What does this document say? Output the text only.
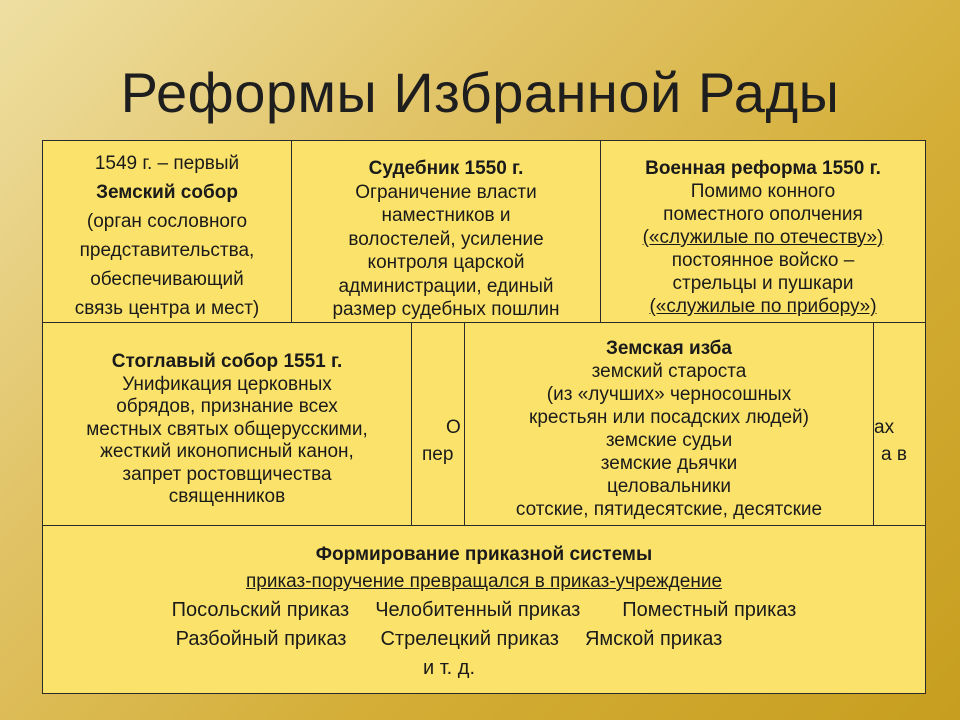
Реформы Избранной Рады

1549 г. – первый

Земский собор

(орган сословного

представительства,

обеспечивающий

связь центра и мест)

Судебник 1550 г.

Ограничение власти

наместников и

волостелей, усиление

контроля царской

администрации, единый

размер судебных пошлин

Военная реформа 1550 г.

Помимо конного

поместного ополчения

(«служилые по отечеству»)

постоянное войско –

стрельцы и пушкари

(«служилые по прибору»)

Стоглавый собор 1551 г.

Унификация церковных

обрядов, признание всех

местных святых общерусскими,

жесткий иконописный канон,

запрет ростовщичества

священников

О
пер
ах
а в

Земская изба

земский староста

(из «лучших» черносошных

крестьян или посадских людей)

земские судьи

земские дьячки

целовальники

сотские, пятидесятские, десятские

Формирование приказной системы

приказ-поручение превращался в приказ-учреждение

Посольский приказ Челобитенный приказ Поместный приказ

Разбойный приказ Стрелецкий приказ Ямской приказ

и т. д.
